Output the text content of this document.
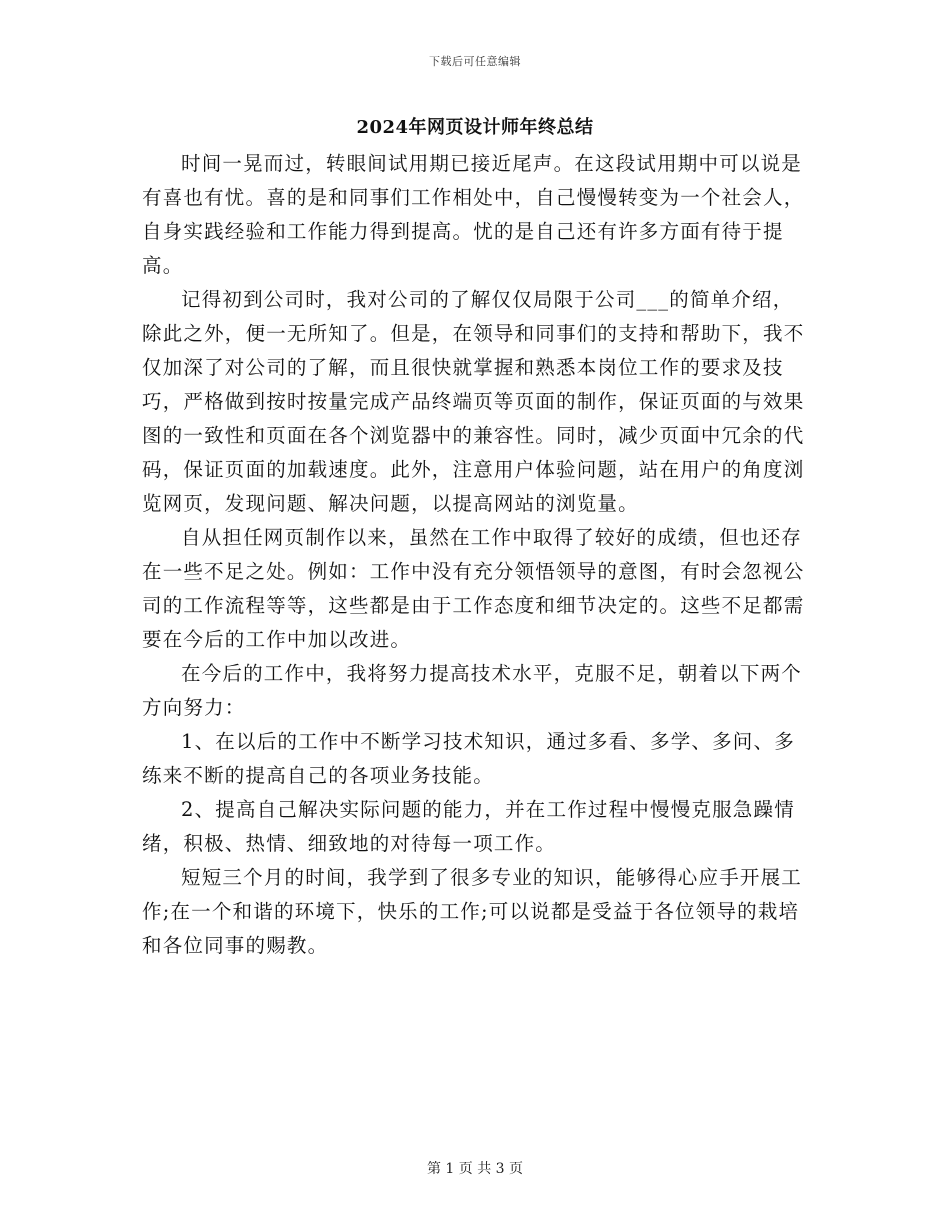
下载后可任意编辑
2024年网页设计师年终总结

时间一晃而过，转眼间试用期已接近尾声。在这段试用期中可以说是有喜也有忧。喜的是和同事们工作相处中，自己慢慢转变为一个社会人，自身实践经验和工作能力得到提高。忧的是自己还有许多方面有待于提高。

记得初到公司时，我对公司的了解仅仅局限于公司___的简单介绍，除此之外，便一无所知了。但是，在领导和同事们的支持和帮助下，我不仅加深了对公司的了解，而且很快就掌握和熟悉本岗位工作的要求及技巧，严格做到按时按量完成产品终端页等页面的制作，保证页面的与效果图的一致性和页面在各个浏览器中的兼容性。同时，减少页面中冗余的代码，保证页面的加载速度。此外，注意用户体验问题，站在用户的角度浏览网页，发现问题、解决问题，以提高网站的浏览量。

自从担任网页制作以来，虽然在工作中取得了较好的成绩，但也还存在一些不足之处。例如：工作中没有充分领悟领导的意图，有时会忽视公司的工作流程等等，这些都是由于工作态度和细节决定的。这些不足都需要在今后的工作中加以改进。

在今后的工作中，我将努力提高技术水平，克服不足，朝着以下两个方向努力：

1、在以后的工作中不断学习技术知识，通过多看、多学、多问、多练来不断的提高自己的各项业务技能。

2、提高自己解决实际问题的能力，并在工作过程中慢慢克服急躁情绪，积极、热情、细致地的对待每一项工作。

短短三个月的时间，我学到了很多专业的知识，能够得心应手开展工作;在一个和谐的环境下，快乐的工作;可以说都是受益于各位领导的栽培和各位同事的赐教。

第 1 页 共 3 页
